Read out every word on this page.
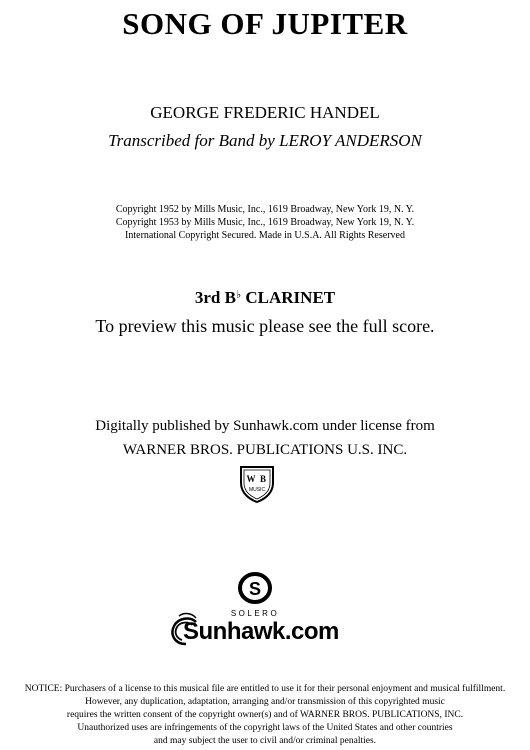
SONG OF JUPITER
GEORGE FREDERIC HANDEL
Transcribed for Band by LEROY ANDERSON
Copyright 1952 by Mills Music, Inc., 1619 Broadway, New York 19, N. Y.
Copyright 1953 by Mills Music, Inc., 1619 Broadway, New York 19, N. Y.
International Copyright Secured. Made in U.S.A. All Rights Reserved
3rd B♭ CLARINET
To preview this music please see the full score.
Digitally published by Sunhawk.com under license from
WARNER BROS. PUBLICATIONS U.S. INC.
W B
MUSIC
S
SOLERO
Sunhawk.com
NOTICE: Purchasers of a license to this musical file are entitled to use it for their personal enjoyment and musical fulfillment.
However, any duplication, adaptation, arranging and/or transmission of this copyrighted music
requires the written consent of the copyright owner(s) and of WARNER BROS. PUBLICATIONS, INC.
Unauthorized uses are infringements of the copyright laws of the United States and other countries
and may subject the user to civil and/or criminal penalties.
